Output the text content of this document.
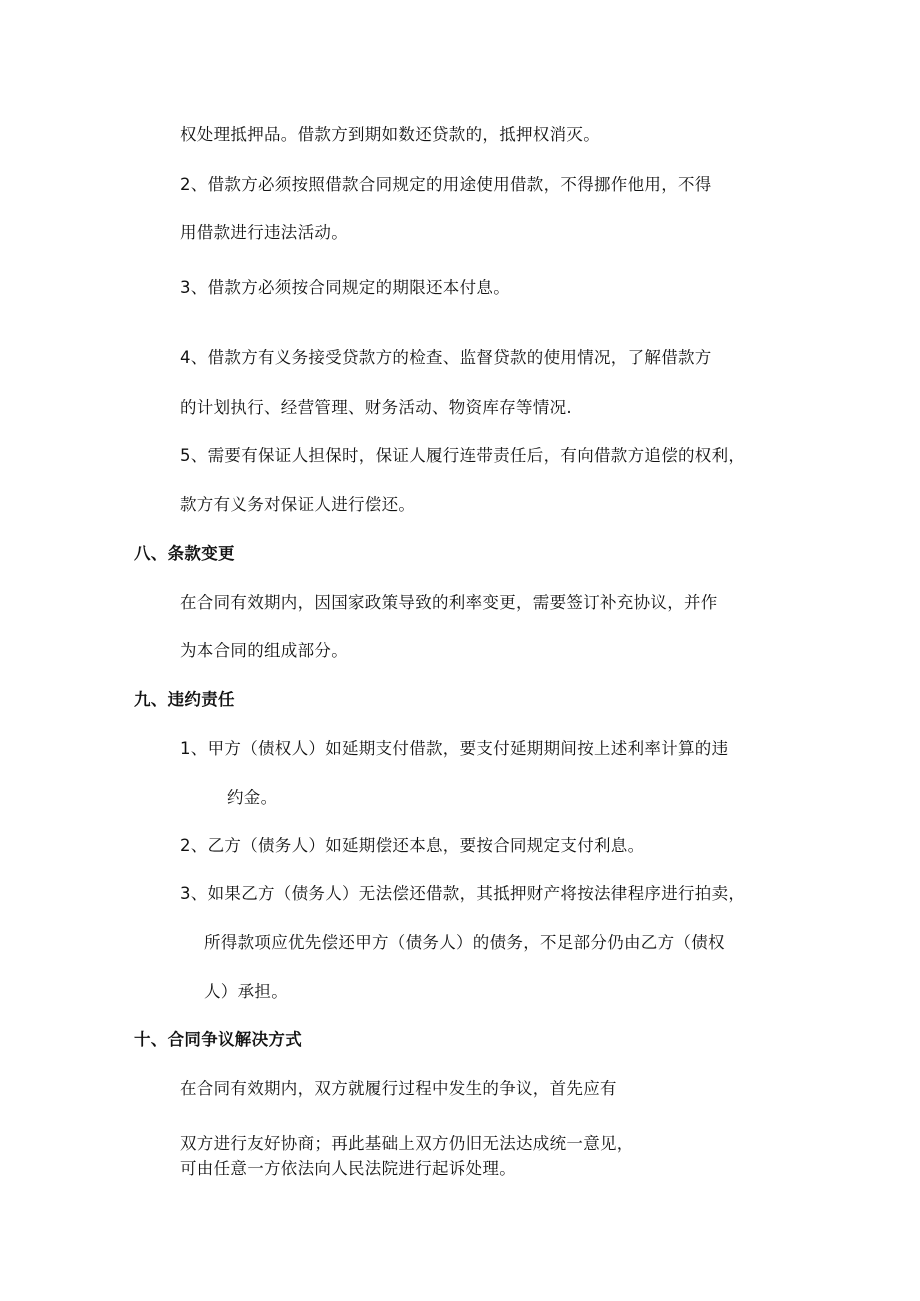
权处理抵押品。借款方到期如数还贷款的，抵押权消灭。
2、借款方必须按照借款合同规定的用途使用借款，不得挪作他用，不得
用借款进行违法活动。
3、借款方必须按合同规定的期限还本付息。
4、借款方有义务接受贷款方的检查、监督贷款的使用情况，了解借款方
的计划执行、经营管理、财务活动、物资库存等情况.
5、需要有保证人担保时，保证人履行连带责任后，有向借款方追偿的权利，
款方有义务对保证人进行偿还。
八、条款变更
在合同有效期内，因国家政策导致的利率变更，需要签订补充协议，并作
为本合同的组成部分。
九、违约责任
1、甲方（债权人）如延期支付借款，要支付延期期间按上述利率计算的违
约金。
2、乙方（债务人）如延期偿还本息，要按合同规定支付利息。
3、如果乙方（债务人）无法偿还借款，其抵押财产将按法律程序进行拍卖，
所得款项应优先偿还甲方（债务人）的债务，不足部分仍由乙方（债权
人）承担。
十、合同争议解决方式
在合同有效期内，双方就履行过程中发生的争议，首先应有
双方进行友好协商；再此基础上双方仍旧无法达成统一意见，
可由任意一方依法向人民法院进行起诉处理。
